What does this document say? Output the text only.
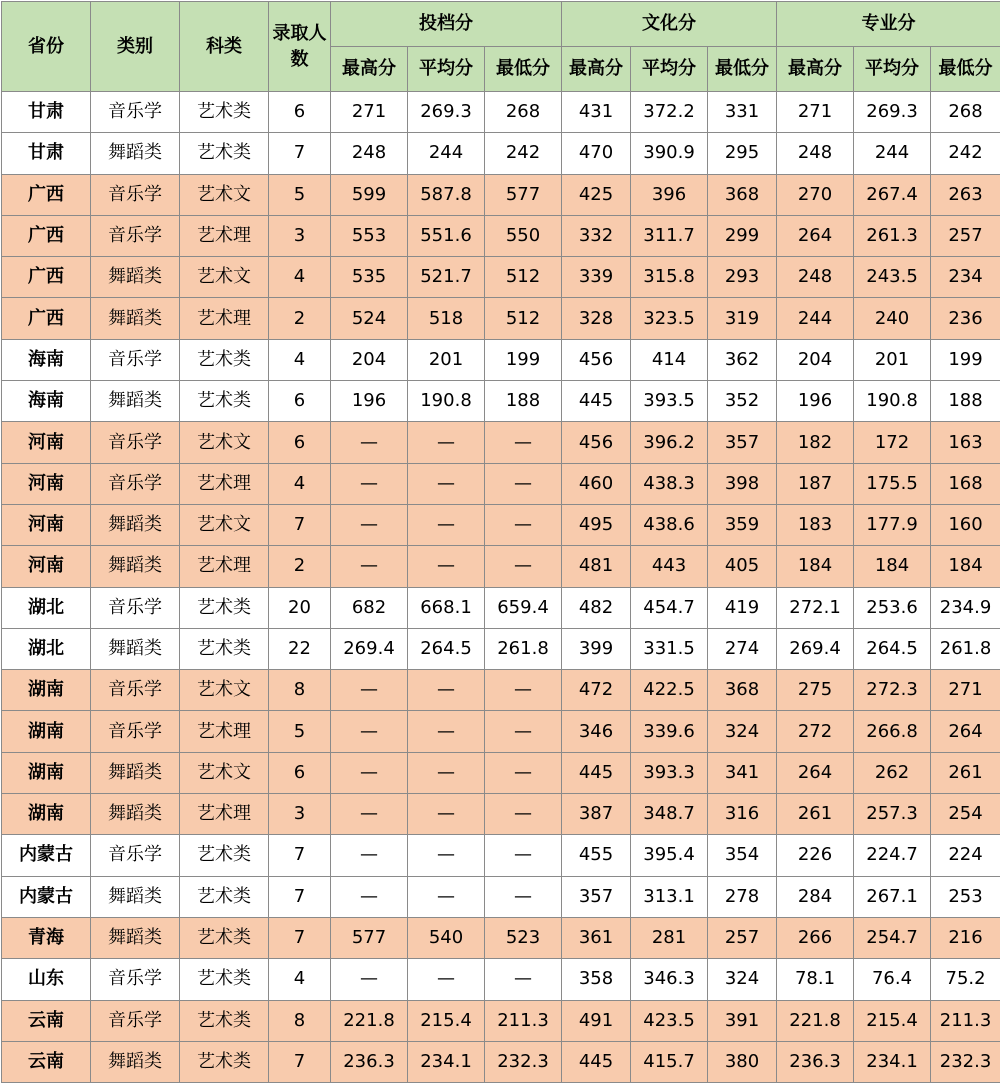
省份	类别	科类	录取人数	投档分			文化分			专业分		
				最高分	平均分	最低分	最高分	平均分	最低分	最高分	平均分	最低分
甘肃	音乐学	艺术类	6	271	269.3	268	431	372.2	331	271	269.3	268
甘肃	舞蹈类	艺术类	7	248	244	242	470	390.9	295	248	244	242
广西	音乐学	艺术文	5	599	587.8	577	425	396	368	270	267.4	263
广西	音乐学	艺术理	3	553	551.6	550	332	311.7	299	264	261.3	257
广西	舞蹈类	艺术文	4	535	521.7	512	339	315.8	293	248	243.5	234
广西	舞蹈类	艺术理	2	524	518	512	328	323.5	319	244	240	236
海南	音乐学	艺术类	4	204	201	199	456	414	362	204	201	199
海南	舞蹈类	艺术类	6	196	190.8	188	445	393.5	352	196	190.8	188
河南	音乐学	艺术文	6	—	—	—	456	396.2	357	182	172	163
河南	音乐学	艺术理	4	—	—	—	460	438.3	398	187	175.5	168
河南	舞蹈类	艺术文	7	—	—	—	495	438.6	359	183	177.9	160
河南	舞蹈类	艺术理	2	—	—	—	481	443	405	184	184	184
湖北	音乐学	艺术类	20	682	668.1	659.4	482	454.7	419	272.1	253.6	234.9
湖北	舞蹈类	艺术类	22	269.4	264.5	261.8	399	331.5	274	269.4	264.5	261.8
湖南	音乐学	艺术文	8	—	—	—	472	422.5	368	275	272.3	271
湖南	音乐学	艺术理	5	—	—	—	346	339.6	324	272	266.8	264
湖南	舞蹈类	艺术文	6	—	—	—	445	393.3	341	264	262	261
湖南	舞蹈类	艺术理	3	—	—	—	387	348.7	316	261	257.3	254
内蒙古	音乐学	艺术类	7	—	—	—	455	395.4	354	226	224.7	224
内蒙古	舞蹈类	艺术类	7	—	—	—	357	313.1	278	284	267.1	253
青海	舞蹈类	艺术类	7	577	540	523	361	281	257	266	254.7	216
山东	音乐学	艺术类	4	—	—	—	358	346.3	324	78.1	76.4	75.2
云南	音乐学	艺术类	8	221.8	215.4	211.3	491	423.5	391	221.8	215.4	211.3
云南	舞蹈类	艺术类	7	236.3	234.1	232.3	445	415.7	380	236.3	234.1	232.3
